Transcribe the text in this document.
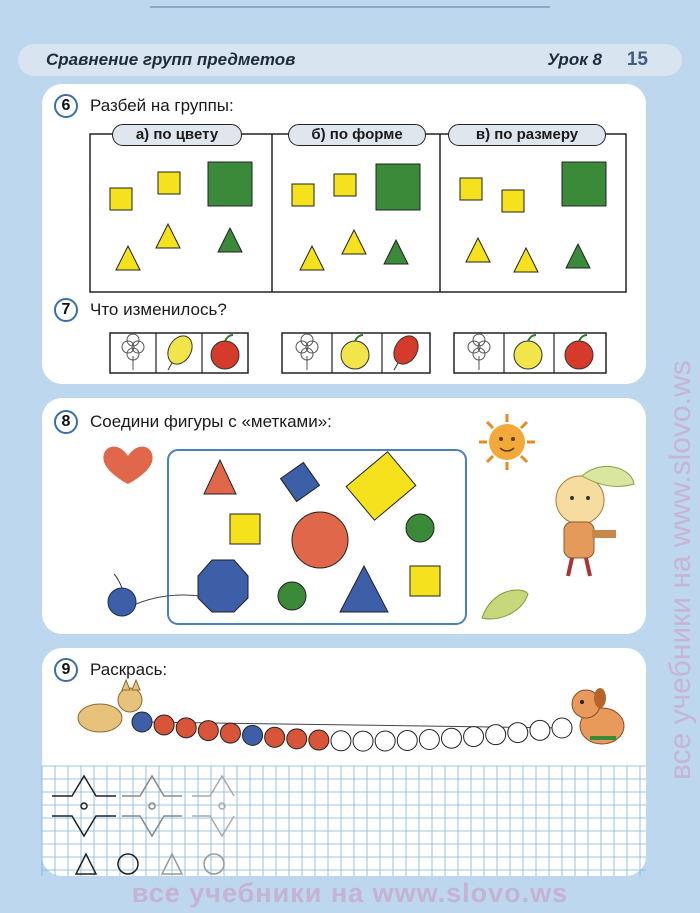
Сравнение групп предметов	Урок 8 15
6	Разбей на группы:
а) по цвету	б) по форме	в) по размеру
7	Что изменилось?
8	Соедини фигуры с «метками»:
9	Раскрась:	все учебники на www.slovo.ws
все учебники на www.slovo.ws
